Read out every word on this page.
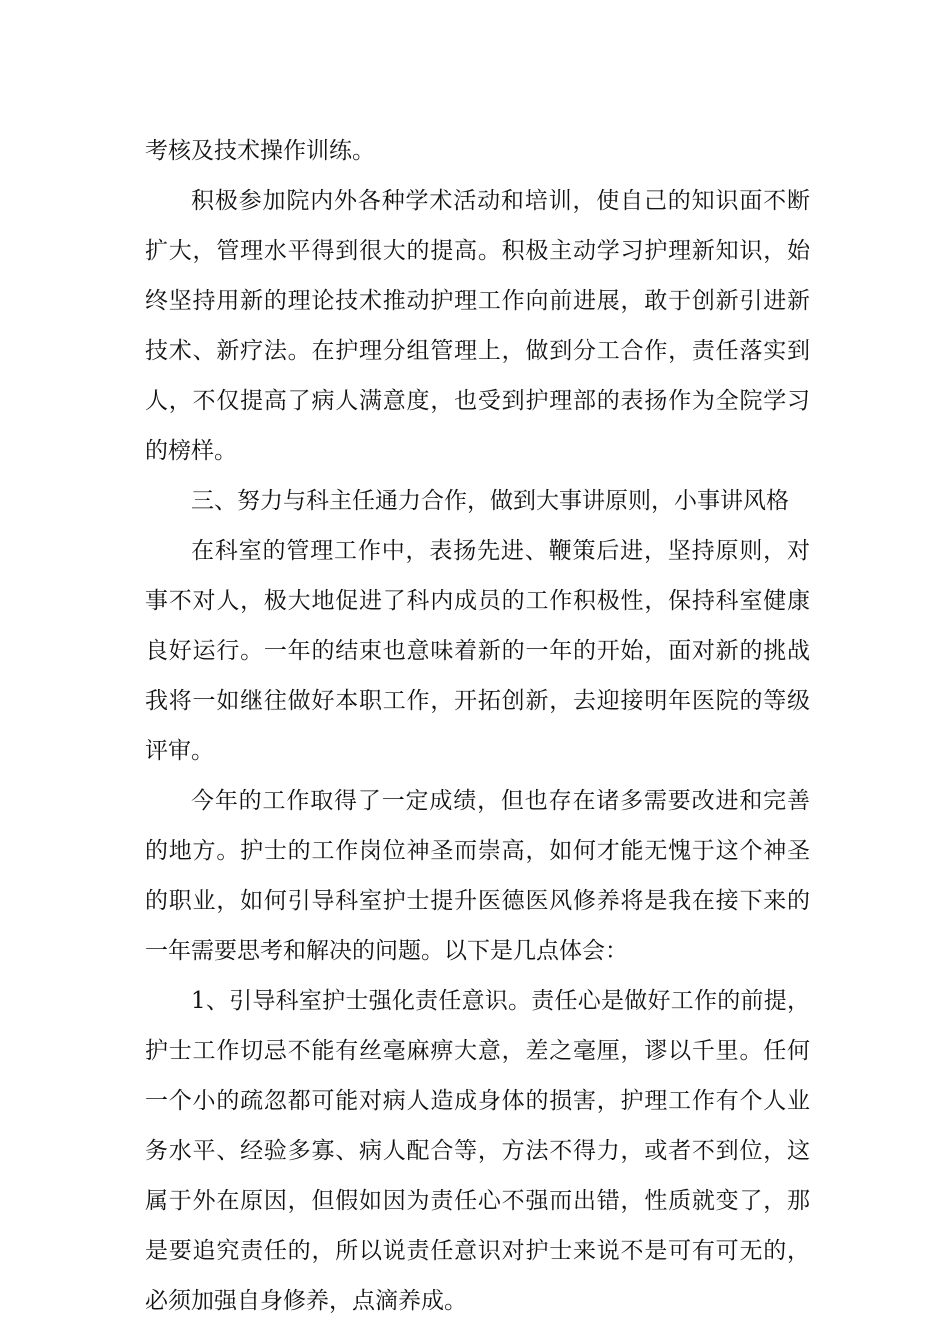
考核及技术操作训练。

积极参加院内外各种学术活动和培训，使自己的知识面不断扩大，管理水平得到很大的提高。积极主动学习护理新知识，始终坚持用新的理论技术推动护理工作向前进展，敢于创新引进新技术、新疗法。在护理分组管理上，做到分工合作，责任落实到人，不仅提高了病人满意度，也受到护理部的表扬作为全院学习的榜样。

三、努力与科主任通力合作，做到大事讲原则，小事讲风格

在科室的管理工作中，表扬先进、鞭策后进，坚持原则，对事不对人，极大地促进了科内成员的工作积极性，保持科室健康良好运行。一年的结束也意味着新的一年的开始，面对新的挑战我将一如继往做好本职工作，开拓创新，去迎接明年医院的等级评审。

今年的工作取得了一定成绩，但也存在诸多需要改进和完善的地方。护士的工作岗位神圣而崇高，如何才能无愧于这个神圣的职业，如何引导科室护士提升医德医风修养将是我在接下来的一年需要思考和解决的问题。以下是几点体会：

1、引导科室护士强化责任意识。责任心是做好工作的前提，护士工作切忌不能有丝毫麻痹大意，差之毫厘，谬以千里。任何一个小的疏忽都可能对病人造成身体的损害，护理工作有个人业务水平、经验多寡、病人配合等，方法不得力，或者不到位，这属于外在原因，但假如因为责任心不强而出错，性质就变了，那是要追究责任的，所以说责任意识对护士来说不是可有可无的，必须加强自身修养，点滴养成。
